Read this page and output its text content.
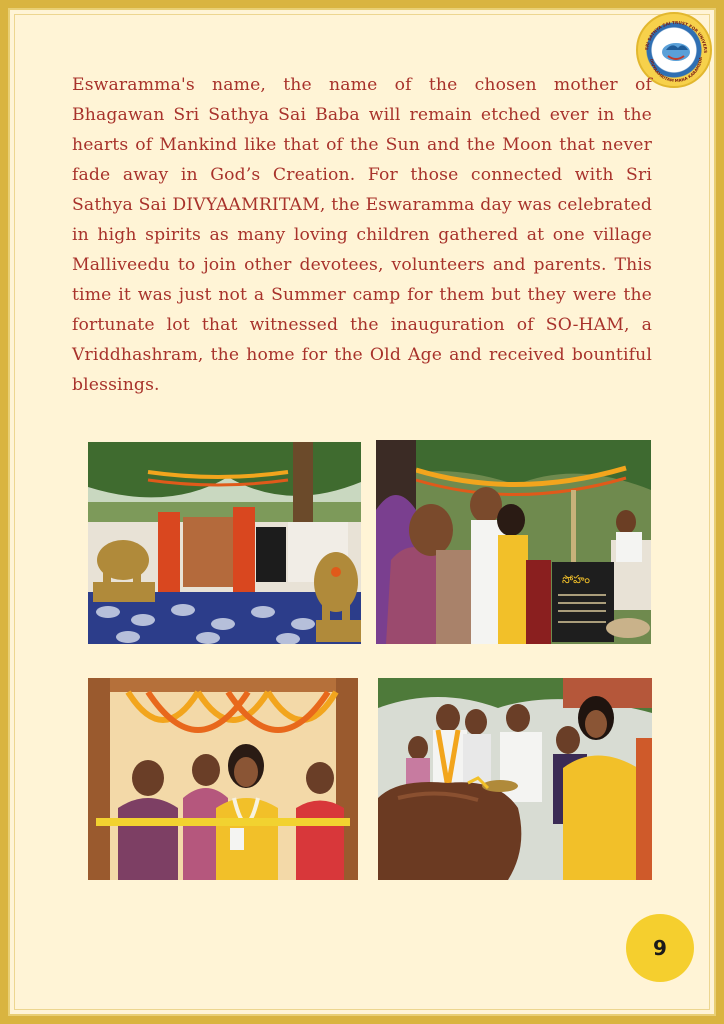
SRI SATHYA SAI TRUST FOR UNIVERS
DIVYAAMRITAM MANA KARAMEDA
Eswaramma's name, the name of the chosen mother of Bhagawan Sri Sathya Sai Baba will remain etched ever in the hearts of Mankind like that of the Sun and the Moon that never fade away in God’s Creation. For those connected with Sri Sathya Sai DIVYAAMRITAM, the Eswaramma day was celebrated in high spirits as many loving children gathered at one village Malliveedu to join other devotees, volunteers and parents. This time it was just not a Summer camp for them but they were the fortunate lot that witnessed the inauguration of SO-HAM, a Vriddhashram, the home for the Old Age and received bountiful blessings.
సోహం
9
